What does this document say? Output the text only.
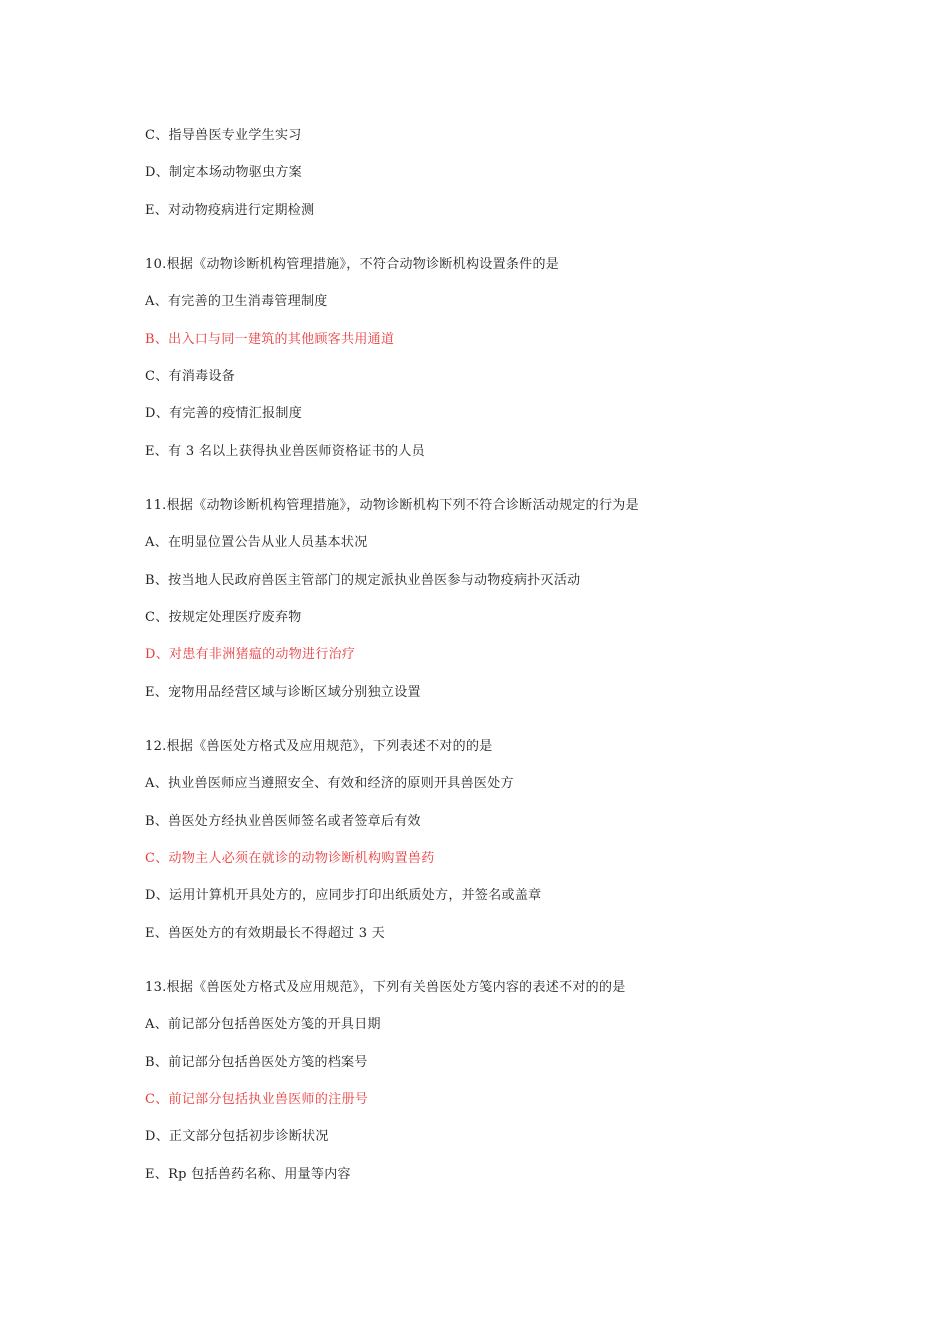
C、指导兽医专业学生实习
D、制定本场动物驱虫方案
E、对动物疫病进行定期检测
10.根据《动物诊断机构管理措施》，不符合动物诊断机构设置条件的是
A、有完善的卫生消毒管理制度
B、出入口与同一建筑的其他顾客共用通道
C、有消毒设备
D、有完善的疫情汇报制度
E、有 3 名以上获得执业兽医师资格证书的人员
11.根据《动物诊断机构管理措施》，动物诊断机构下列不符合诊断活动规定的行为是
A、在明显位置公告从业人员基本状况
B、按当地人民政府兽医主管部门的规定派执业兽医参与动物疫病扑灭活动
C、按规定处理医疗废弃物
D、对患有非洲猪瘟的动物进行治疗
E、宠物用品经营区域与诊断区域分别独立设置
12.根据《兽医处方格式及应用规范》，下列表述不对的的是
A、执业兽医师应当遵照安全、有效和经济的原则开具兽医处方
B、兽医处方经执业兽医师签名或者签章后有效
C、动物主人必须在就诊的动物诊断机构购置兽药
D、运用计算机开具处方的，应同步打印出纸质处方，并签名或盖章
E、兽医处方的有效期最长不得超过 3 天
13.根据《兽医处方格式及应用规范》，下列有关兽医处方笺内容的表述不对的的是
A、前记部分包括兽医处方笺的开具日期
B、前记部分包括兽医处方笺的档案号
C、前记部分包括执业兽医师的注册号
D、正文部分包括初步诊断状况
E、Rp 包括兽药名称、用量等内容
